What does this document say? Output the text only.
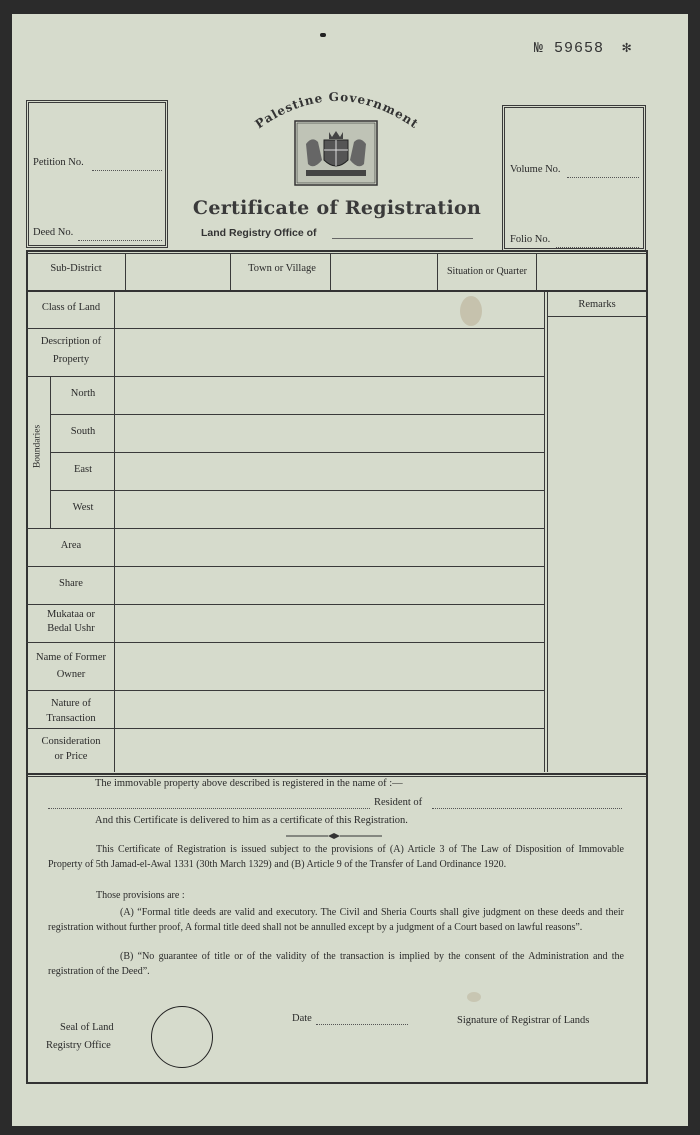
№ 59658 ✻
Petition No.
Deed No.
Volume No.
Folio No.
Palestine Government
Certificate of Registration
Land Registry Office of
Sub-District	Town or Village	Situation or Quarter
Remarks
Class of Land
Description of
Property
Boundaries
North
South
East
West
Area
Share
Mukataa or
Bedal Ushr
Name of Former
Owner
Nature of
Transaction
Consideration
or Price
The immovable property above described is registered in the name of :—
Resident of
And this Certificate is delivered to him as a certificate of this Registration.
This Certificate of Registration is issued subject to the provisions of (A) Article 3 of The Law of Disposition of Immovable Property of 5th Jamad-el-Awal 1331 (30th March 1329) and (B) Article 9 of the Transfer of Land Ordinance 1920.
Those provisions are :
(A) “Formal title deeds are valid and executory. The Civil and Sheria Courts shall give judgment on these deeds and their registration without further proof, A formal title deed shall not be annulled except by a judgment of a Court based on lawful reasons”.
(B) “No guarantee of title or of the validity of the transaction is implied by the consent of the Administration and the registration of the Deed”.
Seal of Land
Registry Office
Date	Signature of Registrar of Lands
